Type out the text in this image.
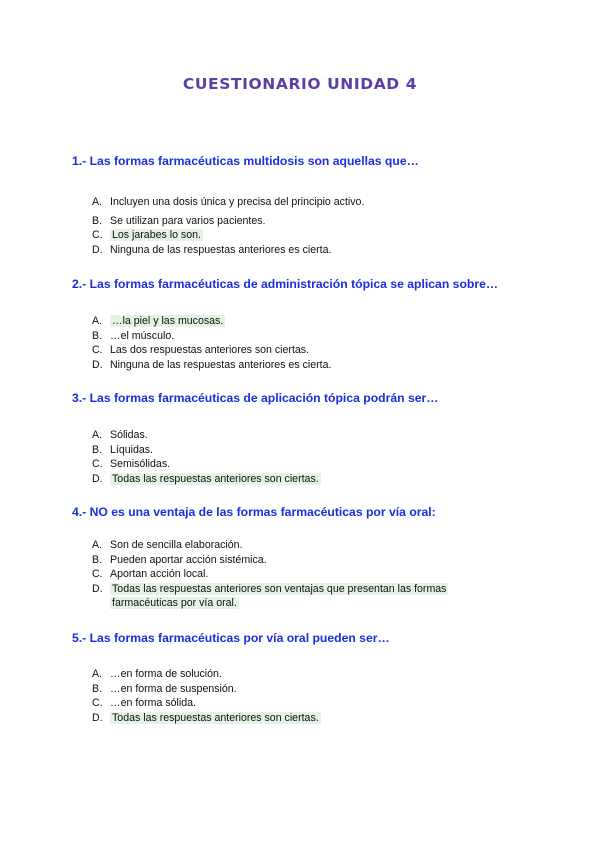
CUESTIONARIO UNIDAD 4
1.- Las formas farmacéuticas multidosis son aquellas que…
A. Incluyen una dosis única y precisa del principio activo.
B. Se utilizan para varios pacientes.
C. Los jarabes lo son.
D. Ninguna de las respuestas anteriores es cierta.
2.- Las formas farmacéuticas de administración tópica se aplican sobre…
A. …la piel y las mucosas.
B. …el músculo.
C. Las dos respuestas anteriores son ciertas.
D. Ninguna de las respuestas anteriores es cierta.
3.- Las formas farmacéuticas de aplicación tópica podrán ser…
A. Sólidas.
B. Líquidas.
C. Semisólidas.
D. Todas las respuestas anteriores son ciertas.
4.- NO es una ventaja de las formas farmacéuticas por vía oral:
A. Son de sencilla elaboración.
B. Pueden aportar acción sistémica.
C. Aportan acción local.
D. Todas las respuestas anteriores son ventajas que presentan las formas
farmacéuticas por vía oral.
5.- Las formas farmacéuticas por vía oral pueden ser…
A. …en forma de solución.
B. …en forma de suspensión.
C. …en forma sólida.
D. Todas las respuestas anteriores son ciertas.
